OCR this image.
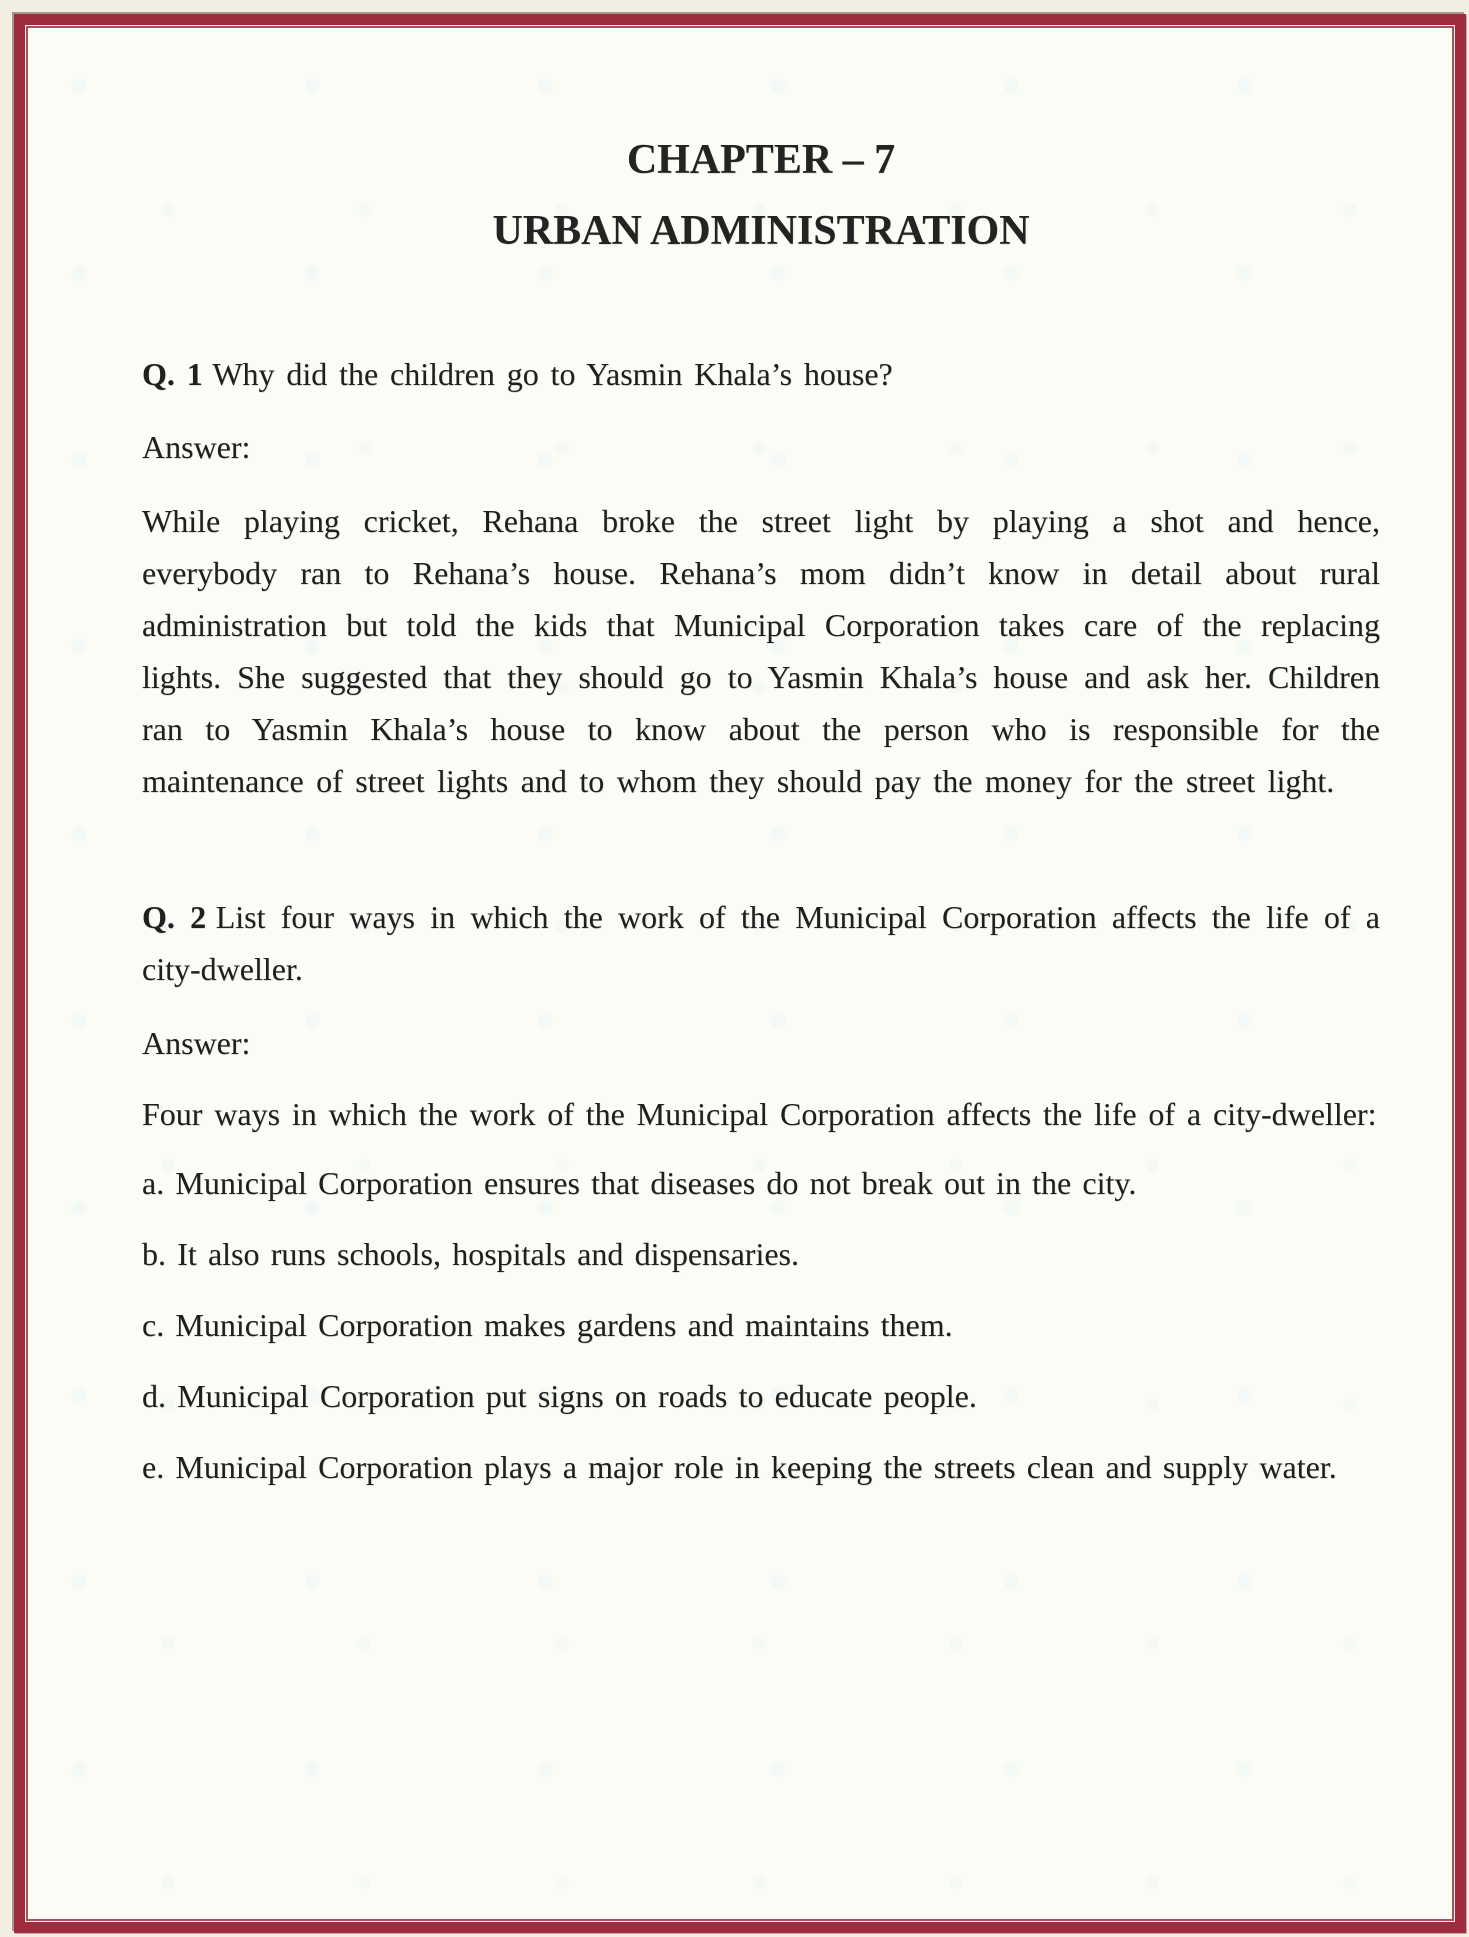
CHAPTER – 7

URBAN ADMINISTRATION

Q. 1 Why did the children go to Yasmin Khala’s house?

Answer:

While playing cricket, Rehana broke the street light by playing a shot and hence, everybody ran to Rehana’s house. Rehana’s mom didn’t know in detail about rural administration but told the kids that Municipal Corporation takes care of the replacing lights. She suggested that they should go to Yasmin Khala’s house and ask her. Children ran to Yasmin Khala’s house to know about the person who is responsible for the maintenance of street lights and to whom they should pay the money for the street light.

Q. 2 List four ways in which the work of the Municipal Corporation affects the life of a city-dweller.

Answer:

Four ways in which the work of the Municipal Corporation affects the life of a city-dweller:

a. Municipal Corporation ensures that diseases do not break out in the city.

b. It also runs schools, hospitals and dispensaries.

c. Municipal Corporation makes gardens and maintains them.

d. Municipal Corporation put signs on roads to educate people.

e. Municipal Corporation plays a major role in keeping the streets clean and supply water.
